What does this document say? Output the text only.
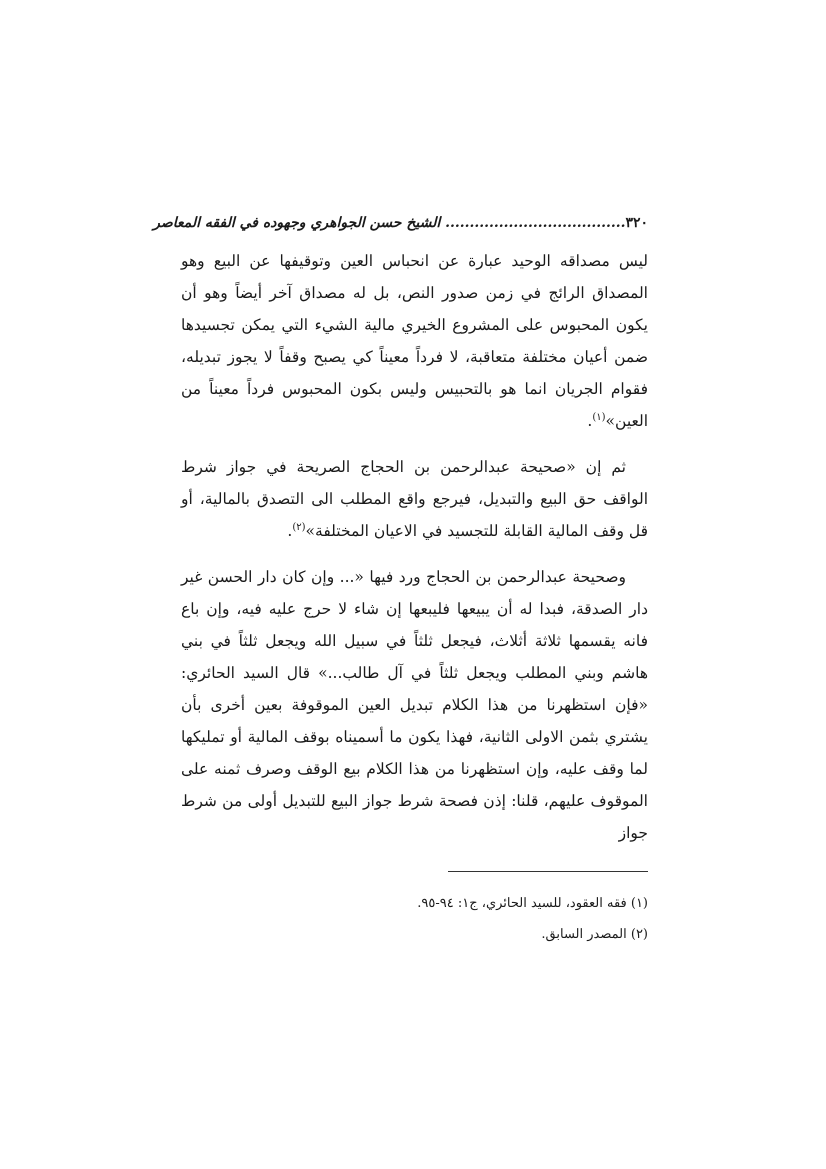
٣٢٠
..................................... الشيخ حسن الجواهري وجهوده في الفقه المعاصر

ليس مصداقه الوحيد عبارة عن انحباس العين وتوقيفها عن البيع وهو المصداق الرائج في زمن صدور النص، بل له مصداق آخر أيضاً وهو أن يكون المحبوس على المشروع الخيري مالية الشيء التي يمكن تجسيدها ضمن أعيان مختلفة متعاقبة، لا فرداً معيناً كي يصبح وقفاً لا يجوز تبديله، فقوام الجريان انما هو بالتحبيس وليس بكون المحبوس فرداً معيناً من العين»$^{(١)}$.

ثم إن «صحيحة عبدالرحمن بن الحجاج الصريحة في جواز شرط الواقف حق البيع والتبديل، فيرجع واقع المطلب الى التصدق بالمالية، أو قل وقف المالية القابلة للتجسيد في الاعيان المختلفة»$^{(٢)}$.

وصحيحة عبدالرحمن بن الحجاج ورد فيها «... وإن كان دار الحسن غير دار الصدقة، فبدا له أن يبيعها فليبعها إن شاء لا حرج عليه فيه، وإن باع فانه يقسمها ثلاثة أثلاث، فيجعل ثلثاً في سبيل الله ويجعل ثلثاً في بني هاشم وبني المطلب ويجعل ثلثاً في آل طالب...» قال السيد الحائري: «فإن استظهرنا من هذا الكلام تبديل العين الموقوفة بعين أخرى بأن يشتري بثمن الاولى الثانية، فهذا يكون ما أسميناه بوقف المالية أو تمليكها لما وقف عليه، وإن استظهرنا من هذا الكلام بيع الوقف وصرف ثمنه على الموقوف عليهم، قلنا: إذن فصحة شرط جواز البيع للتبديل أولى من شرط جواز

(١) فقه العقود، للسيد الحائري، ج١: ٩٤-٩٥.

(٢) المصدر السابق.
